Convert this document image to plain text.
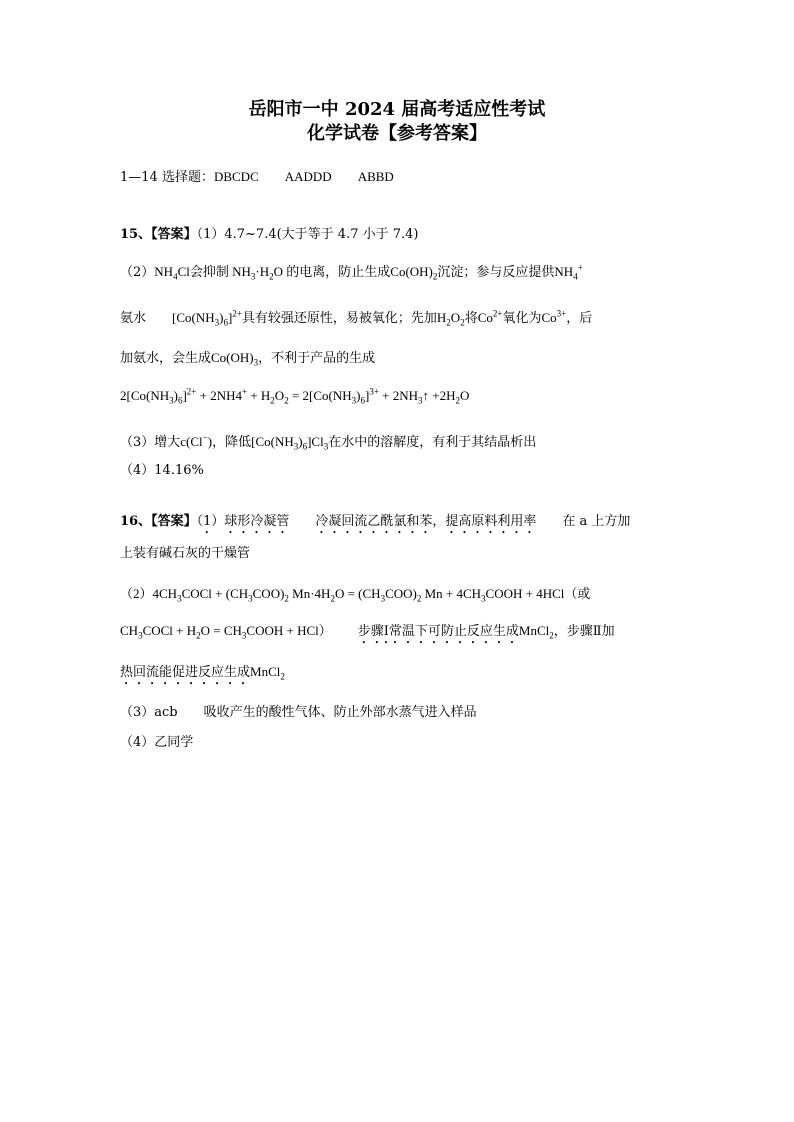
岳阳市一中 2024 届高考适应性考试
化学试卷【参考答案】
1—14 选择题：DBCDC AADDD ABBD
15、【答案】（1）4.7~7.4(大于等于 4.7 小于 7.4)
$(2)NH_4Cl$会抑制 $NH_3\cdot H_2O$ 的电离，防止生成$Co(OH)_2$沉淀；参与反应提供$NH_4^+$
氨水 $[Co(NH_3)_6]^{2+}$具有较强还原性，易被氧化；先加$H_2O_2$将$Co^{2+}$氧化为$Co^{3+}$，后
加氨水，会生成$Co(OH)_3$，不利于产品的生成
$2[Co(NH_3)_6]^{2+} + 2NH4^+ + H_2O_2 = 2[Co(NH_3)_6]^{3+}$ + $2NH_3↑ +2H_2O$
（3）增大c(Cl−)，降低$[Co(NH_3)_6]Cl_3$在水中的溶解度，有利于其结晶析出
（4）14.16%
16、【答案】（1）球形冷凝管 冷凝回流乙酰氯和苯，提高原料利用率 在 a 上方加
上装有碱石灰的干燥管
$(2)4CH_3COCl + (CH_3COO)_2$ $Mn\cdot 4H_2O = (CH_3COO)_2$ $Mn + 4CH_3COOH + 4HCl$（或
$CH_3COCl + H_2O$ = $CH_3COOH + HCl$） 步骤Ⅰ常温下可防止反应生成MnCl$_2$，步骤Ⅱ加
热回流能促进反应生成MnCl$_2$
（3）acb 吸收产生的酸性气体、防止外部水蒸气进入样品
（4）乙同学
